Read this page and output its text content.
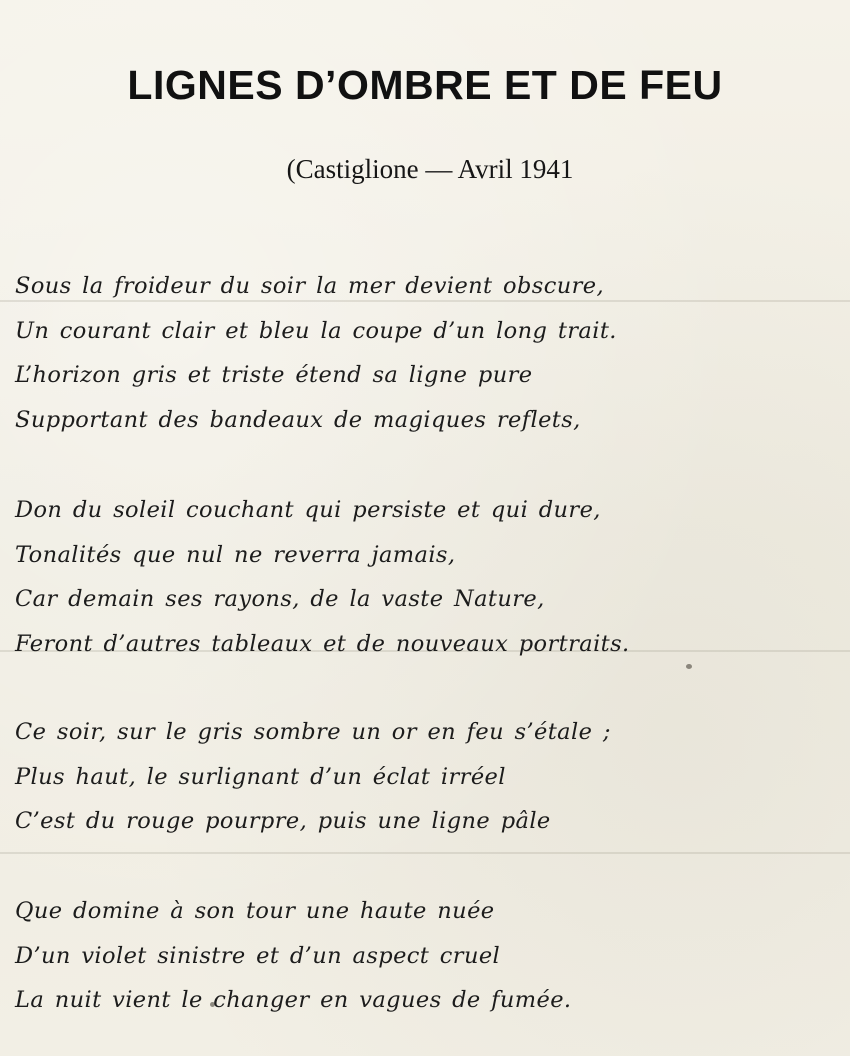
LIGNES D’OMBRE ET DE FEU
(Castiglione — Avril 1941
Sous la froideur du soir la mer devient obscure,
Un courant clair et bleu la coupe d’un long trait.
L’horizon gris et triste étend sa ligne pure
Supportant des bandeaux de magiques reflets,
Don du soleil couchant qui persiste et qui dure,
Tonalités que nul ne reverra jamais,
Car demain ses rayons, de la vaste Nature,
Feront d’autres tableaux et de nouveaux portraits.
Ce soir, sur le gris sombre un or en feu s’étale ;
Plus haut, le surlignant d’un éclat irréel
C’est du rouge pourpre, puis une ligne pâle
Que domine à son tour une haute nuée
D’un violet sinistre et d’un aspect cruel
La nuit vient le changer en vagues de fumée.
